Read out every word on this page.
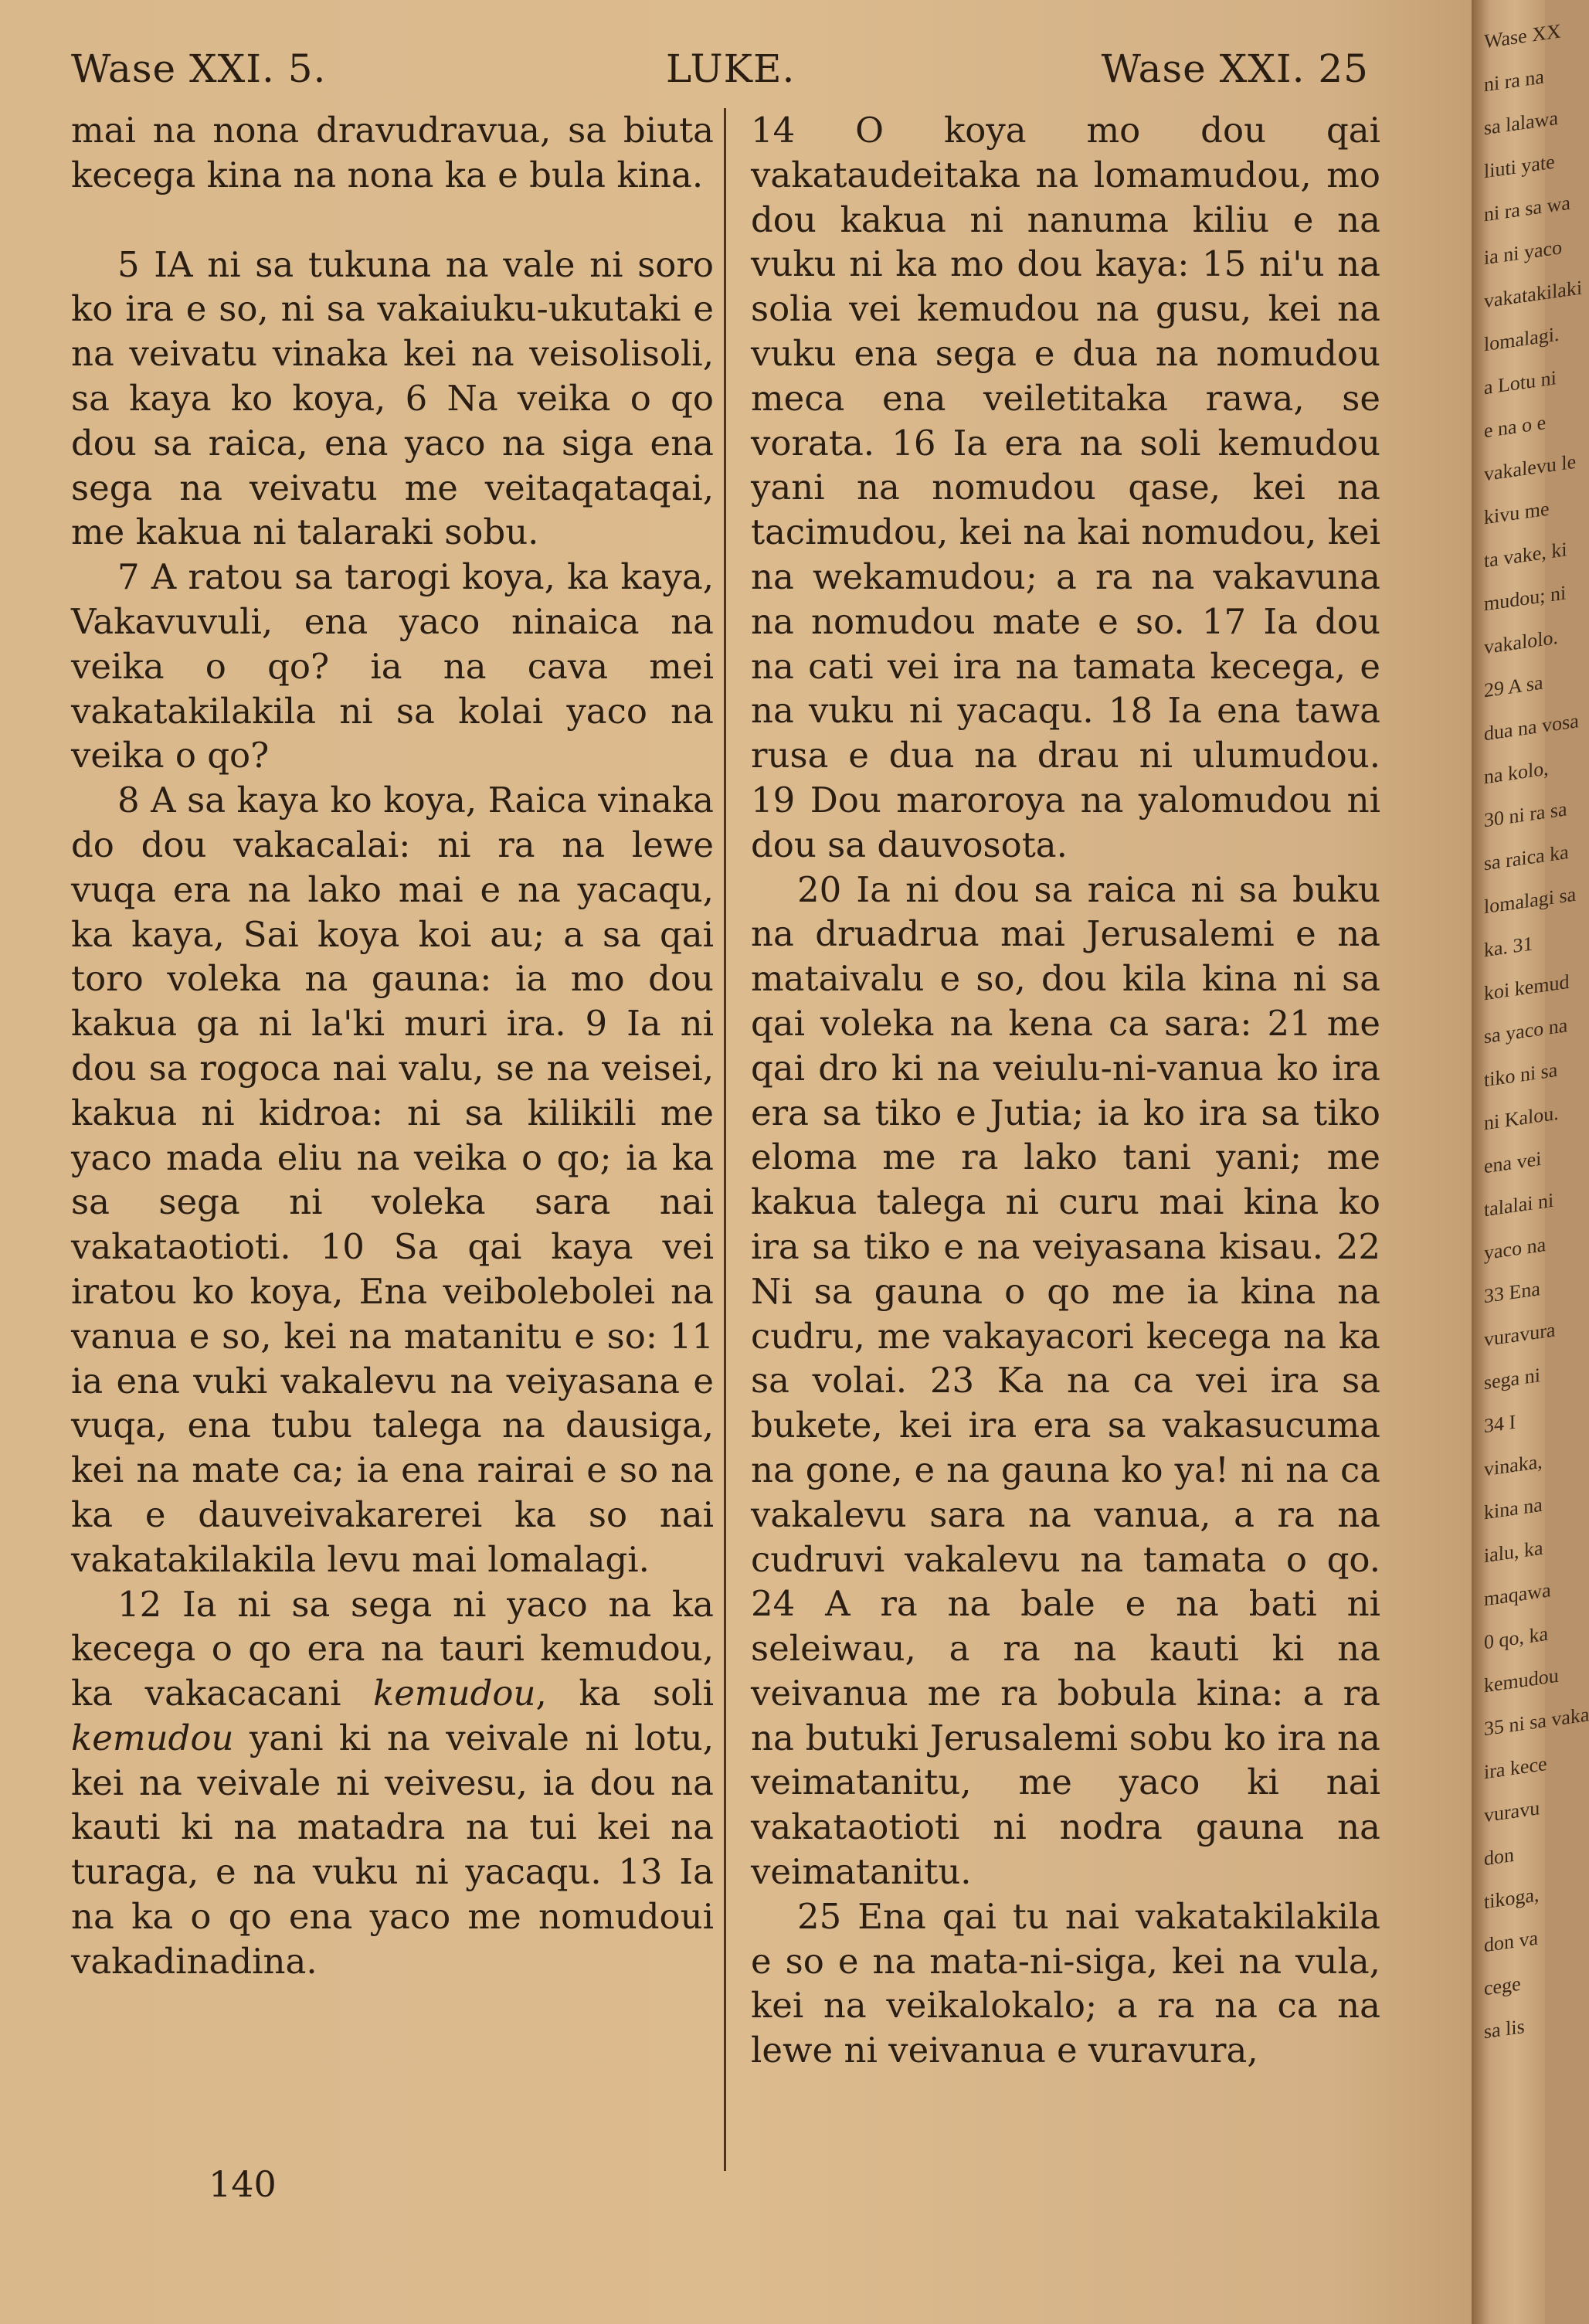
Wase XXI. 5.	LUKE.	Wase XXI. 25

mai na nona dravudravua, sa biuta kecega kina na nona ka e bula kina.

5 IA ni sa tukuna na vale ni soro ko ira e so, ni sa vakaiuku-ukutaki e na veivatu vinaka kei na veisolisoli, sa kaya ko koya, 6 Na veika o qo dou sa raica, ena yaco na siga ena sega na veivatu me veitaqataqai, me kakua ni talaraki sobu.

7 A ratou sa tarogi koya, ka kaya, Vakavuvuli, ena yaco ninaica na veika o qo? ia na cava mei vakatakilakila ni sa kolai yaco na veika o qo?

8 A sa kaya ko koya, Raica vinaka do dou vakacalai: ni ra na lewe vuqa era na lako mai e na yacaqu, ka kaya, Sai koya koi au; a sa qai toro voleka na gauna: ia mo dou kakua ga ni la'ki muri ira. 9 Ia ni dou sa rogoca nai valu, se na veisei, kakua ni kidroa: ni sa kilikili me yaco mada eliu na veika o qo; ia ka sa sega ni voleka sara nai vakataotioti. 10 Sa qai kaya vei iratou ko koya, Ena veibolebolei na vanua e so, kei na matanitu e so: 11 ia ena vuki vakalevu na veiyasana e vuqa, ena tubu talega na dausiga, kei na mate ca; ia ena rairai e so na ka e dauveivakarerei ka so nai vakatakilakila levu mai lomalagi.

12 Ia ni sa sega ni yaco na ka kecega o qo era na tauri kemudou, ka vakacacani kemudou, ka soli kemudou yani ki na veivale ni lotu, kei na veivale ni veivesu, ia dou na kauti ki na matadra na tui kei na turaga, e na vuku ni yacaqu. 13 Ia na ka o qo ena yaco me nomudoui vakadinadina.

14 O koya mo dou qai vakataudeitaka na lomamudou, mo dou kakua ni nanuma kiliu e na vuku ni ka mo dou kaya: 15 ni'u na solia vei kemudou na gusu, kei na vuku ena sega e dua na nomudou meca ena veiletitaka rawa, se vorata. 16 Ia era na soli kemudou yani na nomudou qase, kei na tacimudou, kei na kai nomudou, kei na wekamudou; a ra na vakavuna na nomudou mate e so. 17 Ia dou na cati vei ira na tamata kecega, e na vuku ni yacaqu. 18 Ia ena tawa rusa e dua na drau ni ulumudou. 19 Dou maroroya na yalomudou ni dou sa dauvosota.

20 Ia ni dou sa raica ni sa buku na druadrua mai Jerusalemi e na mataivalu e so, dou kila kina ni sa qai voleka na kena ca sara: 21 me qai dro ki na veiulu-ni-vanua ko ira era sa tiko e Jutia; ia ko ira sa tiko eloma me ra lako tani yani; me kakua talega ni curu mai kina ko ira sa tiko e na veiyasana kisau. 22 Ni sa gauna o qo me ia kina na cudru, me vakayacori kecega na ka sa volai. 23 Ka na ca vei ira sa bukete, kei ira era sa vakasucuma na gone, e na gauna ko ya! ni na ca vakalevu sara na vanua, a ra na cudruvi vakalevu na tamata o qo. 24 A ra na bale e na bati ni seleiwau, a ra na kauti ki na veivanua me ra bobula kina: a ra na butuki Jerusalemi sobu ko ira na veimatanitu, me yaco ki nai vakataotioti ni nodra gauna na veimatanitu.

25 Ena qai tu nai vakatakilakila e so e na mata-ni-siga, kei na vula, kei na veikalokalo; a ra na ca na lewe ni veivanua e vuravura,

140
Wase XX
ni ra na
sa lalawa
liuti yate
ni ra sa wa
ia ni yaco
vakatakilaki
lomalagi.
a Lotu ni
e na o e
vakalevu le
kivu me
ta vake, ki
mudou; ni
vakalolo.
29 A sa
dua na vosa
na kolo,
30 ni ra sa
sa raica ka
lomalagi sa
ka. 31
koi kemud
sa yaco na
tiko ni sa
ni Kalou.
ena vei
talalai ni
yaco na
33 Ena
vuravura
sega ni
34 I
vinaka,
kina na
ialu, ka
maqawa
0 qo, ka
kemudou
35 ni sa vaka
ira kece
vuravu
don
tikoga,
don va
cege
sa lis
